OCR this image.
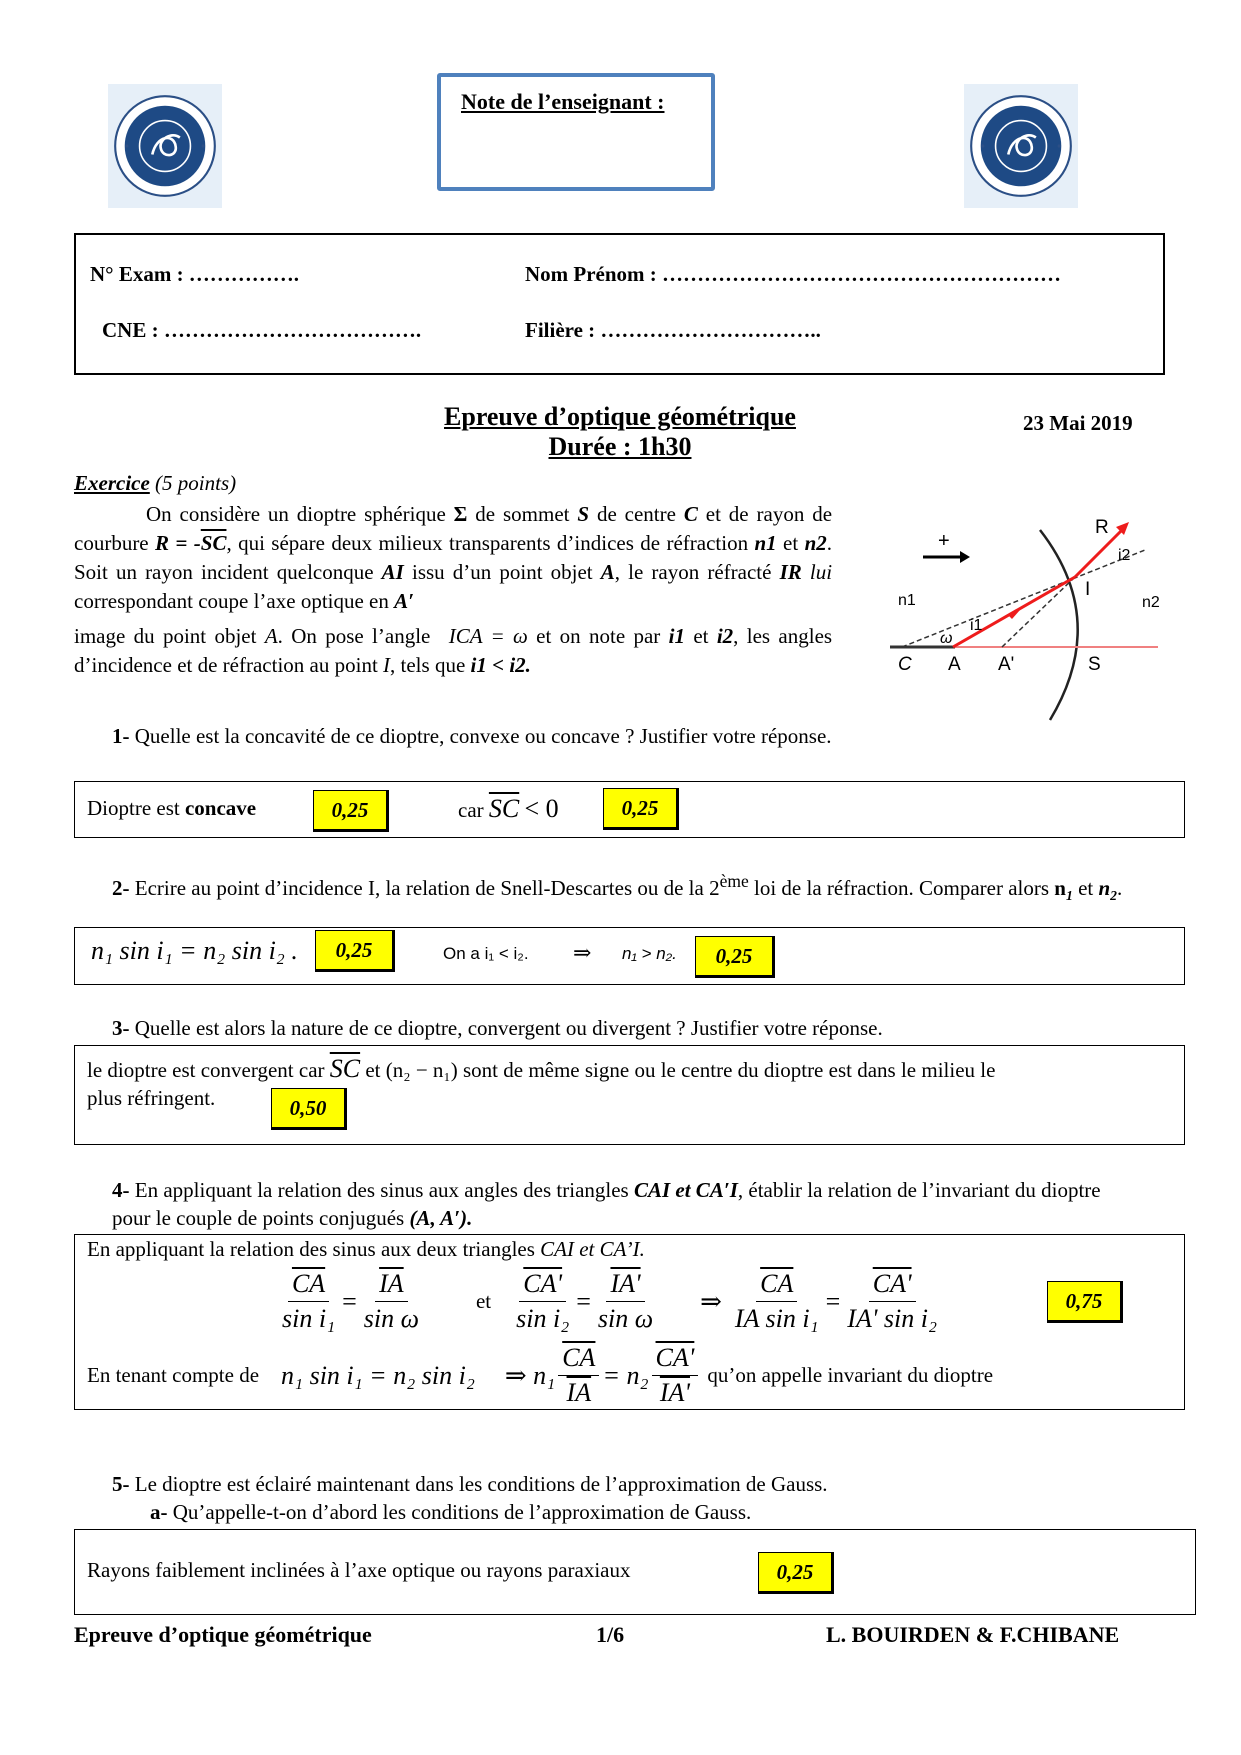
Note de l’enseignant :
N° Exam : …………….	Nom Prénom : …………………………………………………
CNE : ……………………………….	Filière : …………………………..
Epreuve d’optique géométrique
Durée : 1h30
23 Mai 2019
Exercice (5 points)
On considère un dioptre sphérique Σ de sommet S de centre C et de rayon de courbure $R = -\overline{SC}$, qui sépare deux milieux transparents d’indices de réfraction n1 et n2. Soit un rayon incident quelconque AI issu d’un point objet A, le rayon réfracté IR lui correspondant coupe l’axe optique en A′
image du point objet A. On pose l’angle ICA = ω et on note par i1 et i2, les angles d’incidence et de réfraction au point I, tels que i1 < i2.
+
n1	n2
R
i2
I
i1
ω
C A A'	S
1- Quelle est la concavité de ce dioptre, convexe ou concave ? Justifier votre réponse.
Dioptre est concave	0,25	car $\overline{SC} < 0$	0,25
2- Ecrire au point d’incidence I, la relation de Snell-Descartes ou de la 2ème loi de la réfraction. Comparer alors $n_1$ et $n_2$.
n₁ sin i₁ = n₂ sin i₂ .	0,25	On a i₁ < i₂. ⇒ n₁ > n₂.	0,25
3- Quelle est alors la nature de ce dioptre, convergent ou divergent ? Justifier votre réponse.
le dioptre est convergent car $\overline{SC}$ et (n₂ − n₁) sont de même signe ou le centre du dioptre est dans le milieu le
plus réfringent.	0,50
4- En appliquant la relation des sinus aux angles des triangles CAI et CA′I, établir la relation de l’invariant du dioptre pour le couple de points conjugués (A, A′).
En appliquant la relation des sinus aux deux triangles CAI et CA’I.
$\frac{\overline{CA}}{\text{sin i₁}} = \frac{\overline{IA}}{\text{sin ω}}$	et $\frac{CA'}{\text{sin i₂}} = \frac{IA'}{\text{sin ω}}$ ⇒ $\frac{\overline{CA}}{\text{IA sin i₁}} = \frac{CA'}{\text{IA' sin i₂}}$	0,75
En tenant compte de n₁ sin i₁ = n₂ sin i₂ ⇒ $n_1 \frac{\overline{CA}}{IA} = n_2 \frac{CA'}{IA'}$ qu’on appelle invariant du dioptre
5- Le dioptre est éclairé maintenant dans les conditions de l’approximation de Gauss.
a- Qu’appelle-t-on d’abord les conditions de l’approximation de Gauss.
Rayons faiblement inclinées à l’axe optique ou rayons paraxiaux	0,25
Epreuve d’optique géométrique	1/6	L. BOUIRDEN & F.CHIBANE
